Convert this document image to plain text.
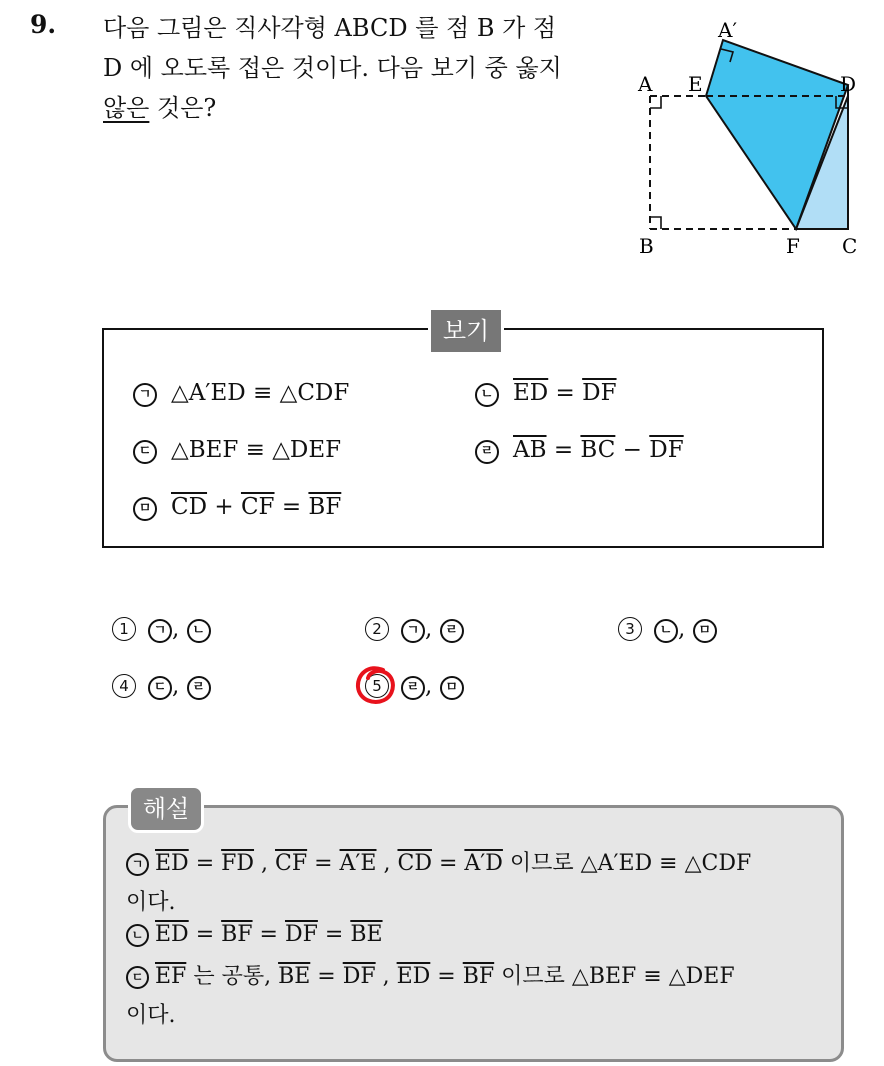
9. 다음 그림은 직사각형 ABCD 를 점 B 가 점
D 에 오도록 접은 것이다. 다음 보기 중 옳지
않은 것은?
A′
A E	D
B	F C
보기
ㄱ △A′ED ≡ △CDF	ㄴ $\overline{ED} = \overline{DF}$
ㄷ △BEF ≡ △DEF	ㄹ $\overline{AB} = \overline{BC} - \overline{DF}$
ㅁ $\overline{CD} + \overline{CF} = \overline{BF}$
1 ㄱ , ㄴ	2 ㄱ , ㄹ	3 ㄴ , ㅁ
4 ㄷ , ㄹ	5 ㄹ , ㅁ
해설
ㄱ $\overline{ED} = \overline{FD}$ , $\overline{CF} = A'E$ , $\overline{CD} = A'D$ 이므로 △A′ED ≡ △CDF
이다.
ㄴ $\overline{ED} = \overline{BF} = \overline{DF} = \overline{BE}$
ㄷ $\overline{EF}$ 는 공통, $\overline{BE} = \overline{DF}$ , $\overline{ED} = \overline{BF}$ 이므로 △BEF ≡ △DEF
이다.
